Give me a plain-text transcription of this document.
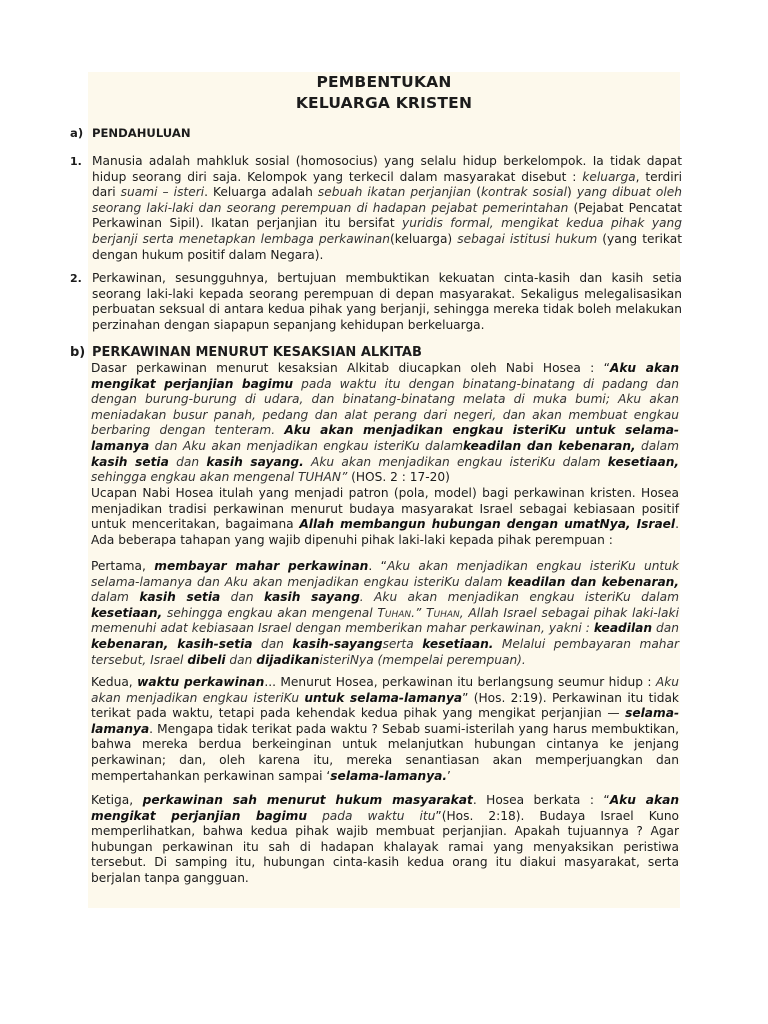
PEMBENTUKAN
KELUARGA KRISTEN
a) PENDAHULUAN
1. Manusia adalah mahkluk sosial (homosocius) yang selalu hidup berkelompok. Ia tidak dapat hidup seorang diri saja. Kelompok yang terkecil dalam masyarakat disebut : keluarga, terdiri dari suami – isteri. Keluarga adalah sebuah ikatan perjanjian (kontrak sosial) yang dibuat oleh seorang laki-laki dan seorang perempuan di hadapan pejabat pemerintahan (Pejabat Pencatat Perkawinan Sipil). Ikatan perjanjian itu bersifat yuridis formal, mengikat kedua pihak yang berjanji serta menetapkan lembaga perkawinan(keluarga) sebagai istitusi hukum (yang terikat dengan hukum positif dalam Negara).
2. Perkawinan, sesungguhnya, bertujuan membuktikan kekuatan cinta-kasih dan kasih setia seorang laki-laki kepada seorang perempuan di depan masyarakat. Sekaligus melegalisasikan perbuatan seksual di antara kedua pihak yang berjanji, sehingga mereka tidak boleh melakukan perzinahan dengan siapapun sepanjang kehidupan berkeluarga.
b) PERKAWINAN MENURUT KESAKSIAN ALKITAB
Dasar perkawinan menurut kesaksian Alkitab diucapkan oleh Nabi Hosea : “Aku akan mengikat perjanjian bagimu pada waktu itu dengan binatang-binatang di padang dan dengan burung-burung di udara, dan binatang-binatang melata di muka bumi; Aku akan meniadakan busur panah, pedang dan alat perang dari negeri, dan akan membuat engkau berbaring dengan tenteram. Aku akan menjadikan engkau isteriKu untuk selama-lamanya dan Aku akan menjadikan engkau isteriKu dalamkeadilan dan kebenaran, dalam kasih setia dan kasih sayang. Aku akan menjadikan engkau isteriKu dalam kesetiaan, sehingga engkau akan mengenal TUHAN” (HOS. 2 : 17-20)
Ucapan Nabi Hosea itulah yang menjadi patron (pola, model) bagi perkawinan kristen. Hosea menjadikan tradisi perkawinan menurut budaya masyarakat Israel sebagai kebiasaan positif untuk menceritakan, bagaimana Allah membangun hubungan dengan umatNya, Israel. Ada beberapa tahapan yang wajib dipenuhi pihak laki-laki kepada pihak perempuan :
Pertama, membayar mahar perkawinan. “Aku akan menjadikan engkau isteriKu untuk selama-lamanya dan Aku akan menjadikan engkau isteriKu dalam keadilan dan kebenaran, dalam kasih setia dan kasih sayang. Aku akan menjadikan engkau isteriKu dalam kesetiaan, sehingga engkau akan mengenal Tuhan.” Tuhan, Allah Israel sebagai pihak laki-laki memenuhi adat kebiasaan Israel dengan memberikan mahar perkawinan, yakni : keadilan dan kebenaran, kasih-setia dan kasih-sayangserta kesetiaan. Melalui pembayaran mahar tersebut, Israel dibeli dan dijadikanisteriNya (mempelai perempuan).
Kedua, waktu perkawinan... Menurut Hosea, perkawinan itu berlangsung seumur hidup : Aku akan menjadikan engkau isteriKu untuk selama-lamanya” (Hos. 2:19). Perkawinan itu tidak terikat pada waktu, tetapi pada kehendak kedua pihak yang mengikat perjanjian — selama-lamanya. Mengapa tidak terikat pada waktu ? Sebab suami-isterilah yang harus membuktikan, bahwa mereka berdua berkeinginan untuk melanjutkan hubungan cintanya ke jenjang perkawinan; dan, oleh karena itu, mereka senantiasan akan memperjuangkan dan mempertahankan perkawinan sampai ‘selama-lamanya.’
Ketiga, perkawinan sah menurut hukum masyarakat. Hosea berkata : “Aku akan mengikat perjanjian bagimu pada waktu itu”(Hos. 2:18). Budaya Israel Kuno memperlihatkan, bahwa kedua pihak wajib membuat perjanjian. Apakah tujuannya ? Agar hubungan perkawinan itu sah di hadapan khalayak ramai yang menyaksikan peristiwa tersebut. Di samping itu, hubungan cinta-kasih kedua orang itu diakui masyarakat, serta berjalan tanpa gangguan.
